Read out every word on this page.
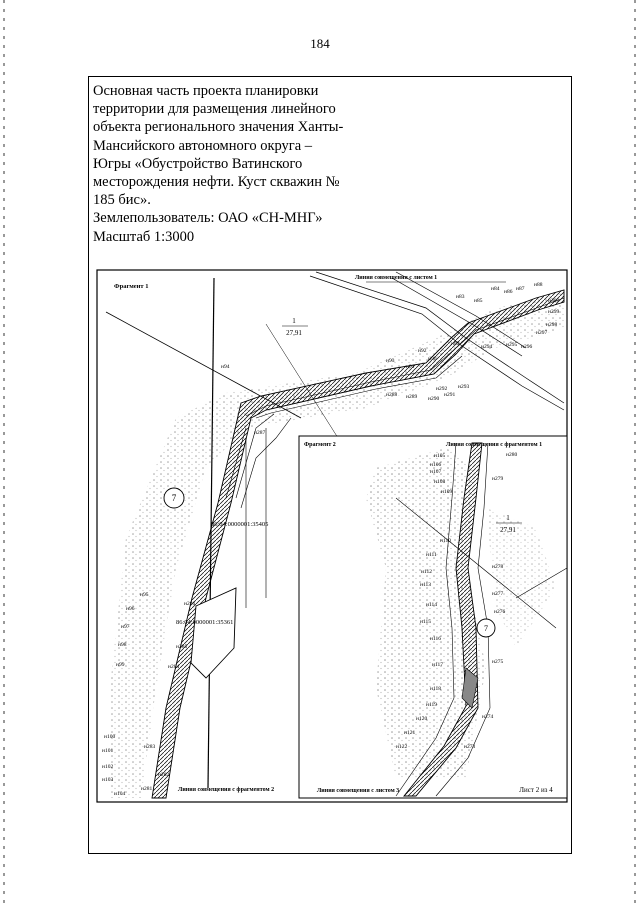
184
Основная часть проекта планировки
территории для размещения линейного
объекта регионального значения Ханты-
Мансийского автономного округа –
Югры «Обустройство Ватинского
месторождения нефти. Куст скважин №
185 бис».
Землепользователь: ОАО «СН-МНГ»
Масштаб 1:3000
86:04:0000001:35405
86:04:0000001:35361
1
27,91
7
Фрагмент 1
Линия совмещения с листом 1
Линия совмещения с фрагментом 2
н83
н84
н85
н86 н87
н88
н89
н90
н91
н92
н93
н94
н95
н96
н97
н98
н99
н100
н101
н102
н103
н104
н281
н282
н283
н284
н285
н286
н287
н288 н289 н290
н291
н292 н293
н294	н295 н296
н297
н298
н299
н300
7
1
27,91
Фрагмент 2	Линия совмещения с фрагментом 1
Линия совмещения с листом 3	Лист 2 из 4
н105
н106
н107
н108
н109
н110
н111
н112
н113
н114
н115
н116
н117
н118
н119
н120
н121
н122	н273
н274
н275
н276
н277
н278
н279
н280
